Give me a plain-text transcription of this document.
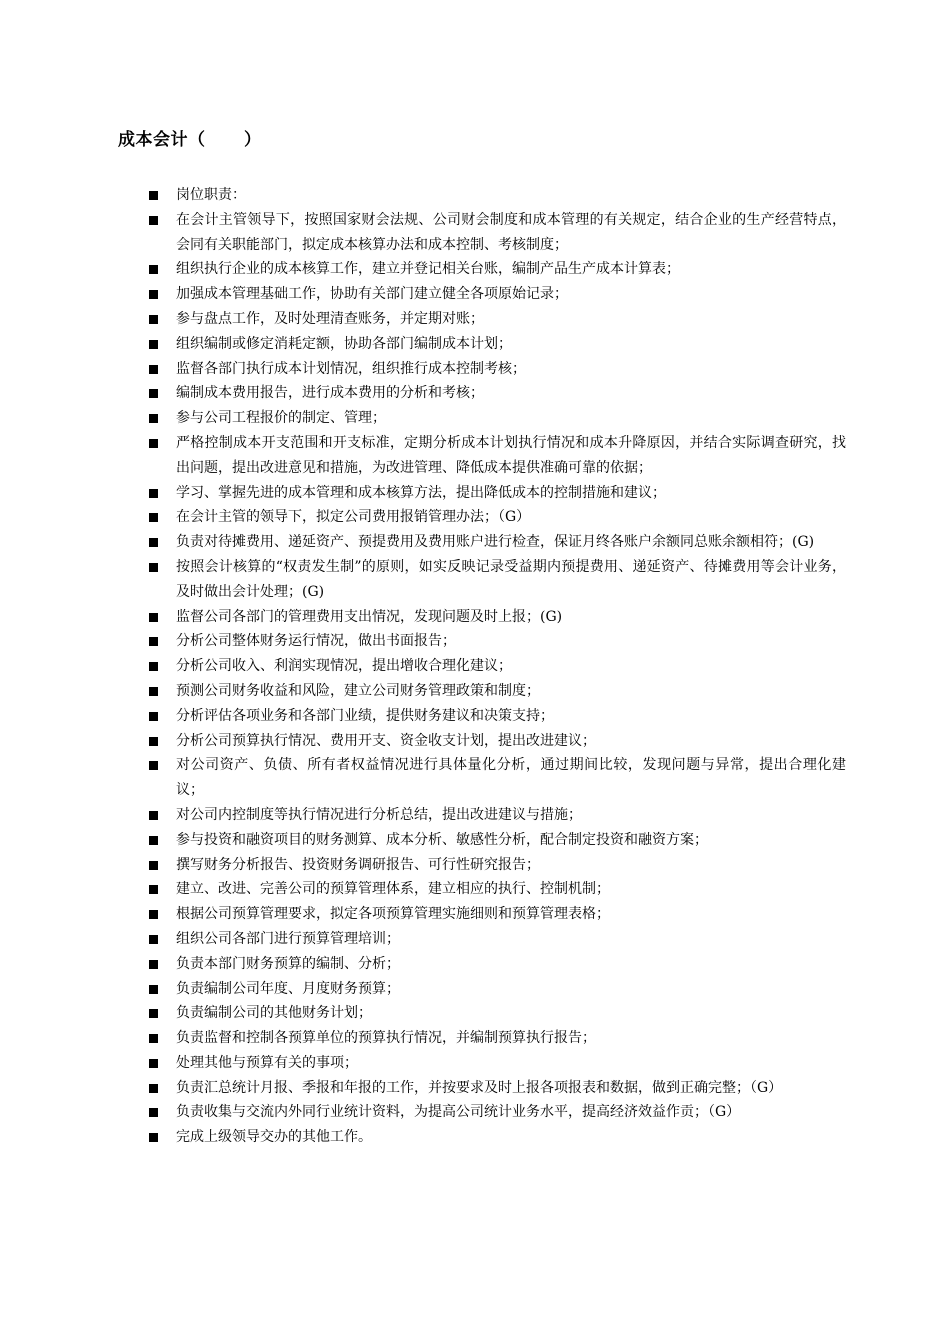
成本会计（      ）
岗位职责：
在会计主管领导下，按照国家财会法规、公司财会制度和成本管理的有关规定，结合企业的生产经营特点，会同有关职能部门，拟定成本核算办法和成本控制、考核制度；
组织执行企业的成本核算工作，建立并登记相关台账，编制产品生产成本计算表；
加强成本管理基础工作，协助有关部门建立健全各项原始记录；
参与盘点工作，及时处理清查账务，并定期对账；
组织编制或修定消耗定额，协助各部门编制成本计划；
监督各部门执行成本计划情况，组织推行成本控制考核；
编制成本费用报告，进行成本费用的分析和考核；
参与公司工程报价的制定、管理；
严格控制成本开支范围和开支标准，定期分析成本计划执行情况和成本升降原因，并结合实际调查研究，找出问题，提出改进意见和措施，为改进管理、降低成本提供准确可靠的依据；
学习、掌握先进的成本管理和成本核算方法，提出降低成本的控制措施和建议；
在会计主管的领导下，拟定公司费用报销管理办法；（G）
负责对待摊费用、递延资产、预提费用及费用账户进行检查，保证月终各账户余额同总账余额相符；(G)
按照会计核算的“权责发生制”的原则，如实反映记录受益期内预提费用、递延资产、待摊费用等会计业务，及时做出会计处理；(G)
监督公司各部门的管理费用支出情况，发现问题及时上报；(G)
分析公司整体财务运行情况，做出书面报告；
分析公司收入、利润实现情况，提出增收合理化建议；
预测公司财务收益和风险，建立公司财务管理政策和制度；
分析评估各项业务和各部门业绩，提供财务建议和决策支持；
分析公司预算执行情况、费用开支、资金收支计划，提出改进建议；
对公司资产、负债、所有者权益情况进行具体量化分析，通过期间比较，发现问题与异常，提出合理化建议；
对公司内控制度等执行情况进行分析总结，提出改进建议与措施；
参与投资和融资项目的财务测算、成本分析、敏感性分析，配合制定投资和融资方案；
撰写财务分析报告、投资财务调研报告、可行性研究报告；
建立、改进、完善公司的预算管理体系，建立相应的执行、控制机制；
根据公司预算管理要求，拟定各项预算管理实施细则和预算管理表格；
组织公司各部门进行预算管理培训；
负责本部门财务预算的编制、分析；
负责编制公司年度、月度财务预算；
负责编制公司的其他财务计划；
负责监督和控制各预算单位的预算执行情况，并编制预算执行报告；
处理其他与预算有关的事项；
负责汇总统计月报、季报和年报的工作，并按要求及时上报各项报表和数据，做到正确完整；（G）
负责收集与交流内外同行业统计资料，为提高公司统计业务水平，提高经济效益作贡；（G）
完成上级领导交办的其他工作。
